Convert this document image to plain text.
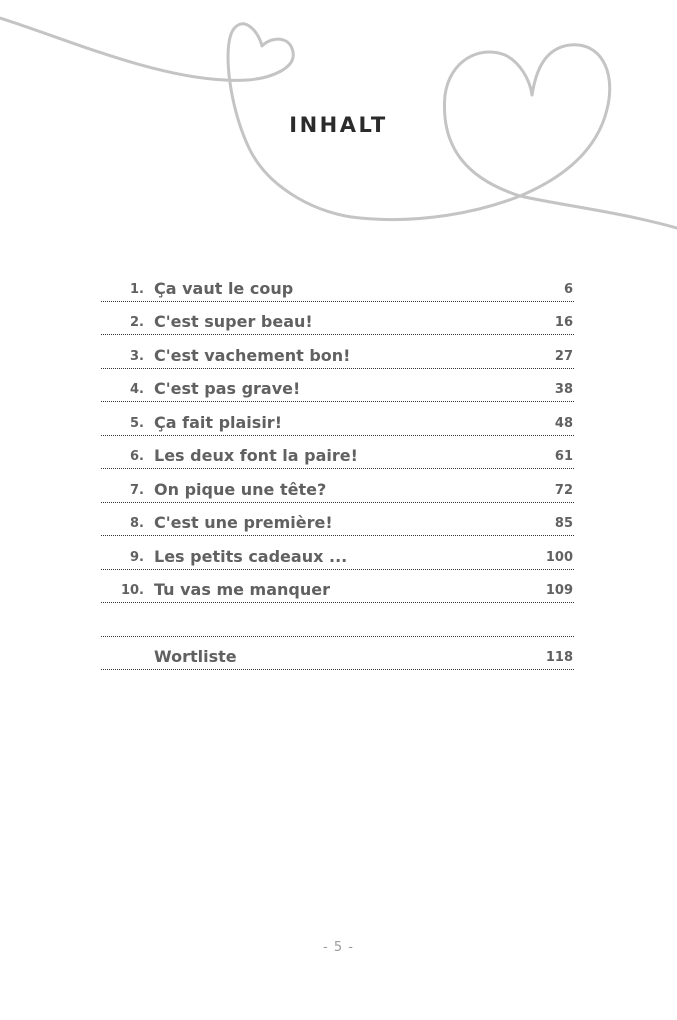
INHALT
1. Ça vaut le coup	6
2. C'est super beau!	16
3. C'est vachement bon!	27
4. C'est pas grave!	38
5. Ça fait plaisir!	48
6. Les deux font la paire!	61
7. On pique une tête?	72
8. C'est une première!	85
9. Les petits cadeaux ...	100
10. Tu vas me manquer	109
Wortliste	118
- 5 -
